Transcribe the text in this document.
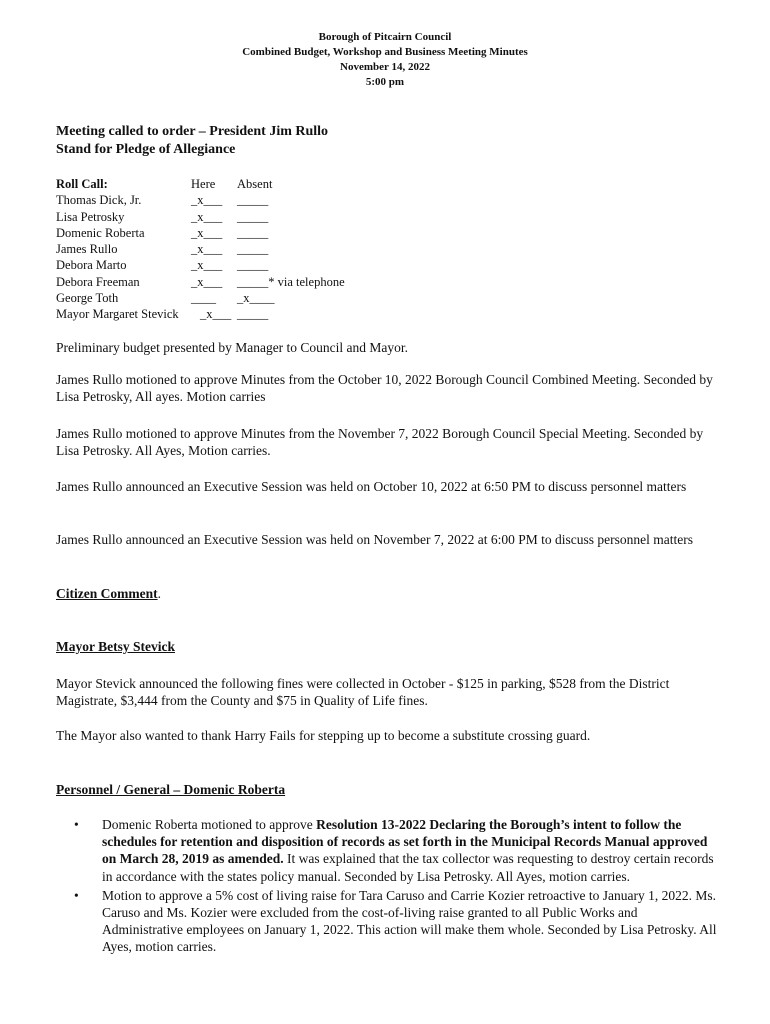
Borough of Pitcairn Council
Combined Budget, Workshop and Business Meeting Minutes
November 14, 2022
5:00 pm
Meeting called to order – President Jim Rullo
Stand for Pledge of Allegiance
Roll Call:	Here Absent
Thomas Dick, Jr.	_x___ _____
Lisa Petrosky	_x___ _____
Domenic Roberta	_x___ _____
James Rullo	_x___ _____
Debora Marto	_x___ _____
Debora Freeman	_x___ _____* via telephone
George Toth	____ _x____
Mayor Margaret Stevick _x___ _____
Preliminary budget presented by Manager to Council and Mayor.
James Rullo motioned to approve Minutes from the October 10, 2022 Borough Council Combined Meeting. Seconded by Lisa Petrosky, All ayes. Motion carries
James Rullo motioned to approve Minutes from the November 7, 2022 Borough Council Special Meeting. Seconded by Lisa Petrosky. All Ayes, Motion carries.
James Rullo announced an Executive Session was held on October 10, 2022 at 6:50 PM to discuss personnel matters
James Rullo announced an Executive Session was held on November 7, 2022 at 6:00 PM to discuss personnel matters
Citizen Comment.
Mayor Betsy Stevick
Mayor Stevick announced the following fines were collected in October - $125 in parking, $528 from the District Magistrate, $3,444 from the County and $75 in Quality of Life fines.
The Mayor also wanted to thank Harry Fails for stepping up to become a substitute crossing guard.
Personnel / General – Domenic Roberta
• Domenic Roberta motioned to approve Resolution 13-2022 Declaring the Borough’s intent to follow the schedules for retention and disposition of records as set forth in the Municipal Records Manual approved on March 28, 2019 as amended. It was explained that the tax collector was requesting to destroy certain records in accordance with the states policy manual. Seconded by Lisa Petrosky. All Ayes, motion carries.
• Motion to approve a 5% cost of living raise for Tara Caruso and Carrie Kozier retroactive to January 1, 2022. Ms. Caruso and Ms. Kozier were excluded from the cost-of-living raise granted to all Public Works and Administrative employees on January 1, 2022. This action will make them whole. Seconded by Lisa Petrosky. All Ayes, motion carries.
